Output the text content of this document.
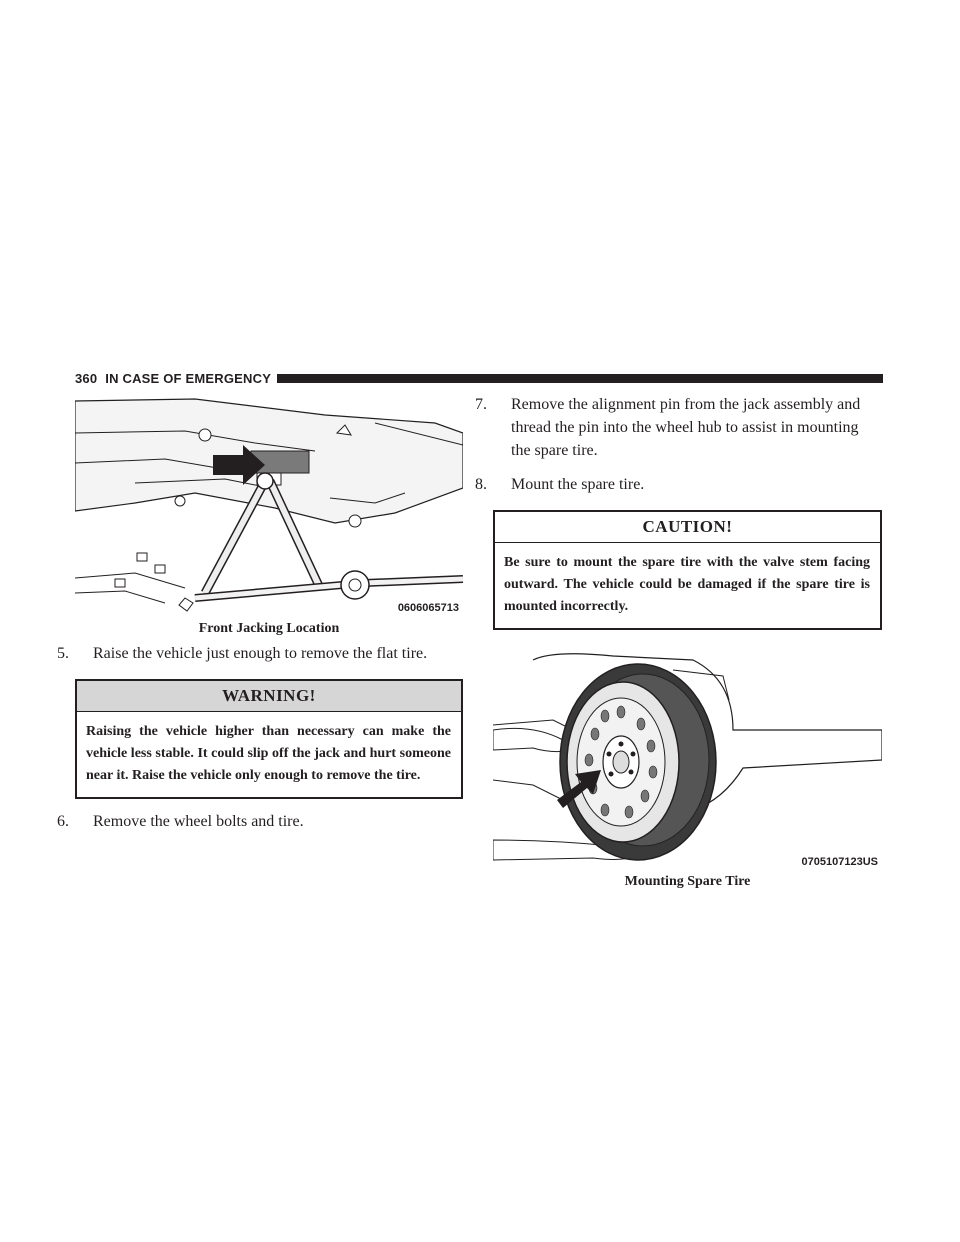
360 IN CASE OF EMERGENCY
0606065713
Front Jacking Location

5. Raise the vehicle just enough to remove the flat tire.

WARNING!
Raising the vehicle higher than necessary can make the vehicle less stable. It could slip off the jack and hurt someone near it. Raise the vehicle only enough to remove the tire.

6. Remove the wheel bolts and tire.

7. Remove the alignment pin from the jack assembly and thread the pin into the wheel hub to assist in mounting the spare tire.

8. Mount the spare tire.

CAUTION!
Be sure to mount the spare tire with the valve stem facing outward. The vehicle could be damaged if the spare tire is mounted incorrectly.
0705107123US
Mounting Spare Tire
